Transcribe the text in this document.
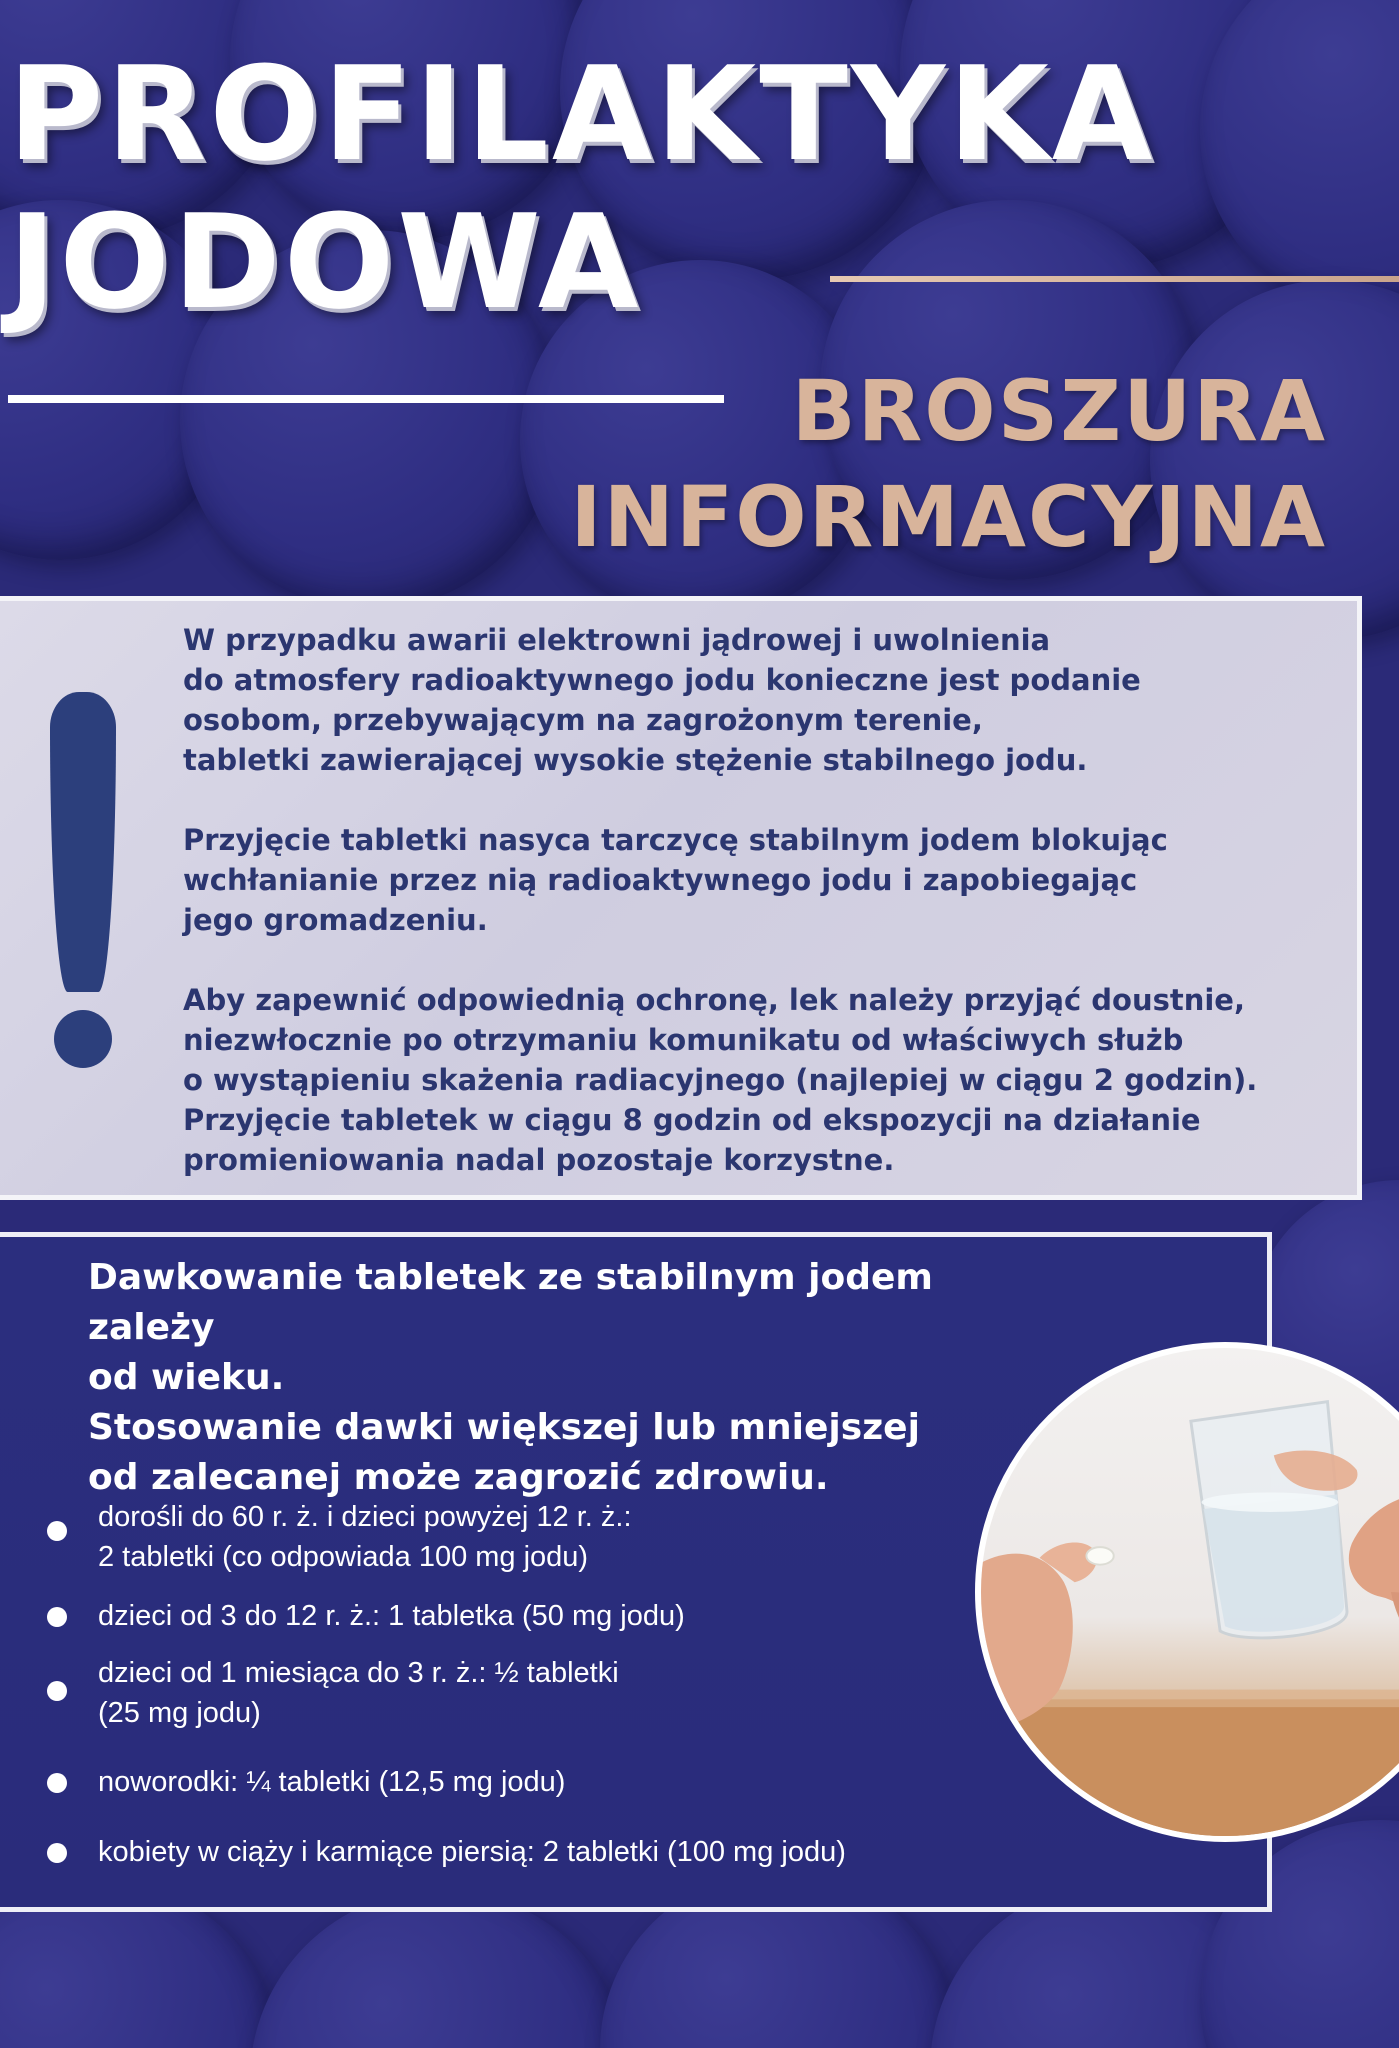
PROFILAKTYKA
JODOWA
BROSZURA
INFORMACYJNA

W przypadku awarii elektrowni jądrowej i uwolnienia
do atmosfery radioaktywnego jodu konieczne jest podanie
osobom, przebywającym na zagrożonym terenie,
tabletki zawierającej wysokie stężenie stabilnego jodu.

Przyjęcie tabletki nasyca tarczycę stabilnym jodem blokując
wchłanianie przez nią radioaktywnego jodu i zapobiegając
jego gromadzeniu.

Aby zapewnić odpowiednią ochronę, lek należy przyjąć doustnie,
niezwłocznie po otrzymaniu komunikatu od właściwych służb
o wystąpieniu skażenia radiacyjnego (najlepiej w ciągu 2 godzin).
Przyjęcie tabletek w ciągu 8 godzin od ekspozycji na działanie
promieniowania nadal pozostaje korzystne.

Dawkowanie tabletek ze stabilnym jodem zależy
od wieku.
Stosowanie dawki większej lub mniejszej
od zalecanej może zagrozić zdrowiu.

dorośli do 60 r. ż. i dzieci powyżej 12 r. ż.:
2 tabletki (co odpowiada 100 mg jodu)
dzieci od 3 do 12 r. ż.: 1 tabletka (50 mg jodu)
dzieci od 1 miesiąca do 3 r. ż.: ½ tabletki
(25 mg jodu)
noworodki: ¼ tabletki (12,5 mg jodu)
kobiety w ciąży i karmiące piersią: 2 tabletki (100 mg jodu)
